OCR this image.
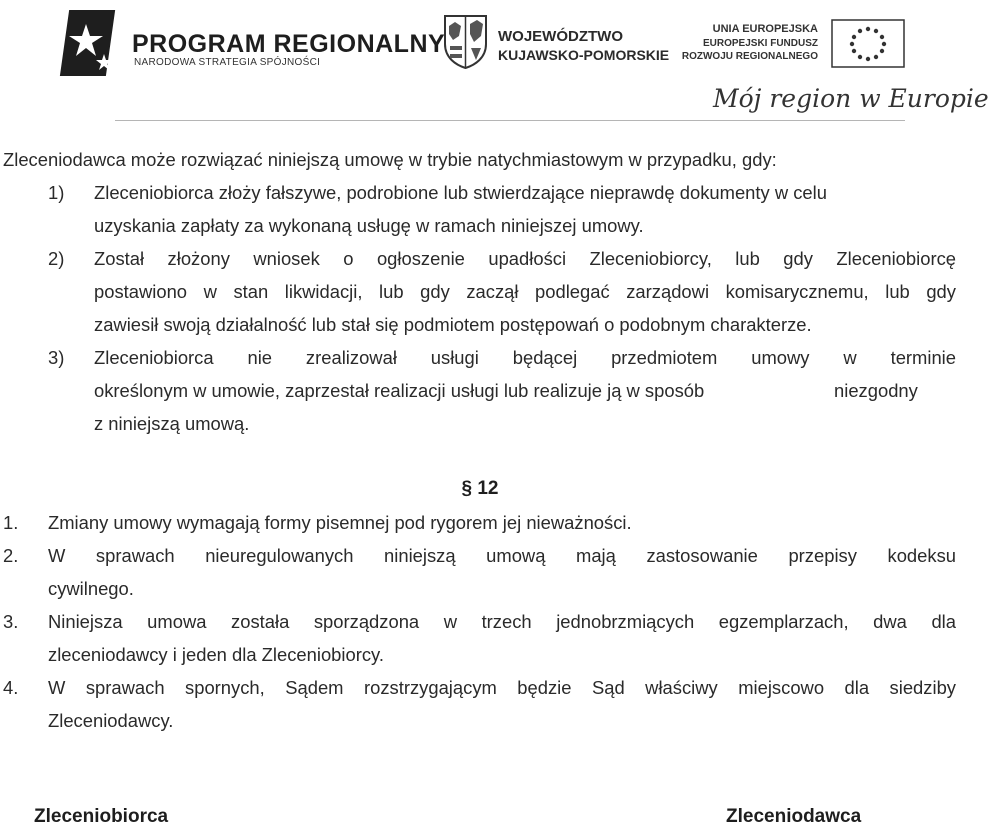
PROGRAM REGIONALNY
NARODOWA STRATEGIA SPÓJNOŚCI
WOJEWÓDZTWO
KUJAWSKO-POMORSKIE
UNIA EUROPEJSKA
EUROPEJSKI FUNDUSZ
ROZWOJU REGIONALNEGO
Mój region w Europie
Zleceniodawca może rozwiązać niniejszą umowę w trybie natychmiastowym w przypadku, gdy:
1) Zleceniobiorca złoży fałszywe, podrobione lub stwierdzające nieprawdę dokumenty w celu
uzyskania zapłaty za wykonaną usługę w ramach niniejszej umowy.
2) Został złożony wniosek o ogłoszenie upadłości Zleceniobiorcy, lub gdy Zleceniobiorcę
postawiono w stan likwidacji, lub gdy zaczął podlegać zarządowi komisarycznemu, lub gdy
zawiesił swoją działalność lub stał się podmiotem postępowań o podobnym charakterze.
3) Zleceniobiorca nie zrealizował usługi będącej przedmiotem umowy w terminie
określonym w umowie, zaprzestał realizacji usługi lub realizuje ją w sposób	niezgodny
z niniejszą umową.
§ 12
1. Zmiany umowy wymagają formy pisemnej pod rygorem jej nieważności.
2. W sprawach nieuregulowanych niniejszą umową mają zastosowanie przepisy kodeksu
cywilnego.
3. Niniejsza umowa została sporządzona w trzech jednobrzmiących egzemplarzach, dwa dla
zleceniodawcy i jeden dla Zleceniobiorcy.
4. W sprawach spornych, Sądem rozstrzygającym będzie Sąd właściwy miejscowo dla siedziby
Zleceniodawcy.
Zleceniobiorca	Zleceniodawca
